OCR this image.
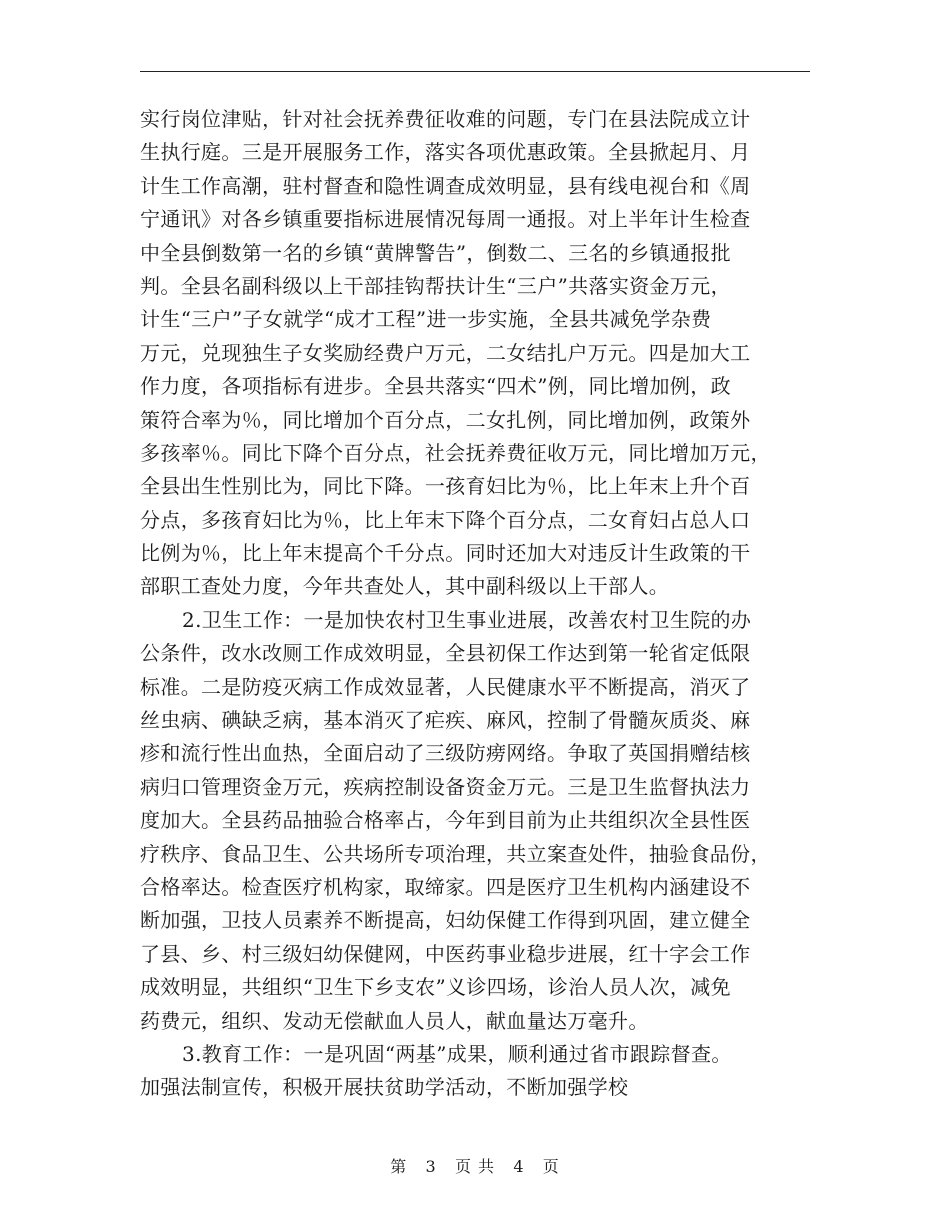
实行岗位津贴，针对社会抚养费征收难的问题，专门在县法院成立计
生执行庭。三是开展服务工作，落实各项优惠政策。全县掀起月、月
计生工作高潮，驻村督查和隐性调查成效明显，县有线电视台和《周
宁通讯》对各乡镇重要指标进展情况每周一通报。对上半年计生检查
中全县倒数第一名的乡镇“黄牌警告”，倒数二、三名的乡镇通报批
判。全县名副科级以上干部挂钩帮扶计生“三户”共落实资金万元，
计生“三户”子女就学“成才工程”进一步实施，全县共减免学杂费
万元，兑现独生子女奖励经费户万元，二女结扎户万元。四是加大工
作力度，各项指标有进步。全县共落实“四术”例，同比增加例，政
策符合率为％，同比增加个百分点，二女扎例，同比增加例，政策外
多孩率％。同比下降个百分点，社会抚养费征收万元，同比增加万元，
全县出生性别比为，同比下降。一孩育妇比为％，比上年末上升个百
分点，多孩育妇比为％，比上年末下降个百分点，二女育妇占总人口
比例为％，比上年末提高个千分点。同时还加大对违反计生政策的干
部职工查处力度，今年共查处人，其中副科级以上干部人。
2.卫生工作：一是加快农村卫生事业进展，改善农村卫生院的办
公条件，改水改厕工作成效明显，全县初保工作达到第一轮省定低限
标准。二是防疫灭病工作成效显著，人民健康水平不断提高，消灭了
丝虫病、碘缺乏病，基本消灭了疟疾、麻风，控制了骨髓灰质炎、麻
疹和流行性出血热，全面启动了三级防痨网络。争取了英国捐赠结核
病归口管理资金万元，疾病控制设备资金万元。三是卫生监督执法力
度加大。全县药品抽验合格率占，今年到目前为止共组织次全县性医
疗秩序、食品卫生、公共场所专项治理，共立案查处件，抽验食品份，
合格率达。检查医疗机构家，取缔家。四是医疗卫生机构内涵建设不
断加强，卫技人员素养不断提高，妇幼保健工作得到巩固，建立健全
了县、乡、村三级妇幼保健网，中医药事业稳步进展，红十字会工作
成效明显，共组织“卫生下乡支农”义诊四场，诊治人员人次，减免
药费元，组织、发动无偿献血人员人，献血量达万毫升。
3.教育工作：一是巩固“两基”成果，顺利通过省市跟踪督查。
加强法制宣传，积极开展扶贫助学活动，不断加强学校
第 3 页 共 4 页
